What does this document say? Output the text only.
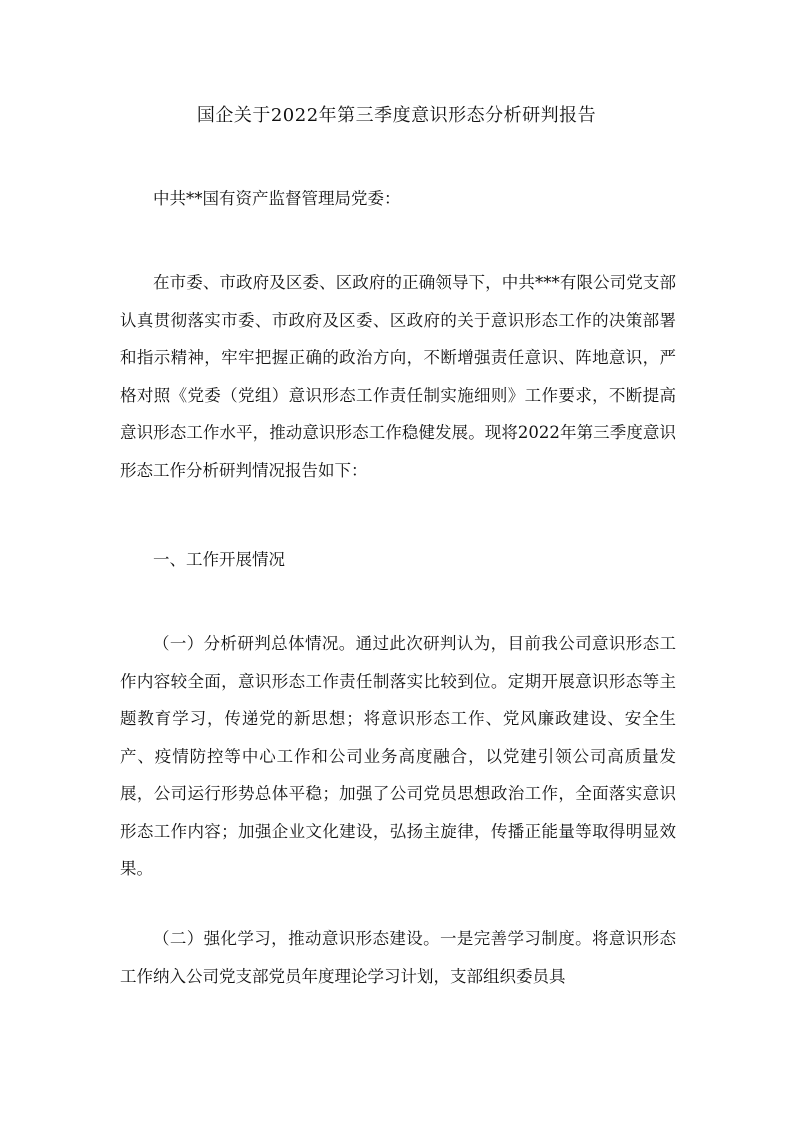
国企关于2022年第三季度意识形态分析研判报告

中共**国有资产监督管理局党委：

在市委、市政府及区委、区政府的正确领导下，中共***有限公司党支部认真贯彻落实市委、市政府及区委、区政府的关于意识形态工作的决策部署和指示精神，牢牢把握正确的政治方向，不断增强责任意识、阵地意识，严格对照《党委（党组）意识形态工作责任制实施细则》工作要求，不断提高意识形态工作水平，推动意识形态工作稳健发展。现将2022年第三季度意识形态工作分析研判情况报告如下：

一、工作开展情况

（一）分析研判总体情况。通过此次研判认为，目前我公司意识形态工作内容较全面，意识形态工作责任制落实比较到位。定期开展意识形态等主题教育学习，传递党的新思想；将意识形态工作、党风廉政建设、安全生产、疫情防控等中心工作和公司业务高度融合，以党建引领公司高质量发展，公司运行形势总体平稳；加强了公司党员思想政治工作，全面落实意识形态工作内容；加强企业文化建设，弘扬主旋律，传播正能量等取得明显效果。

（二）强化学习，推动意识形态建设。一是完善学习制度。将意识形态工作纳入公司党支部党员年度理论学习计划，支部组织委员具
